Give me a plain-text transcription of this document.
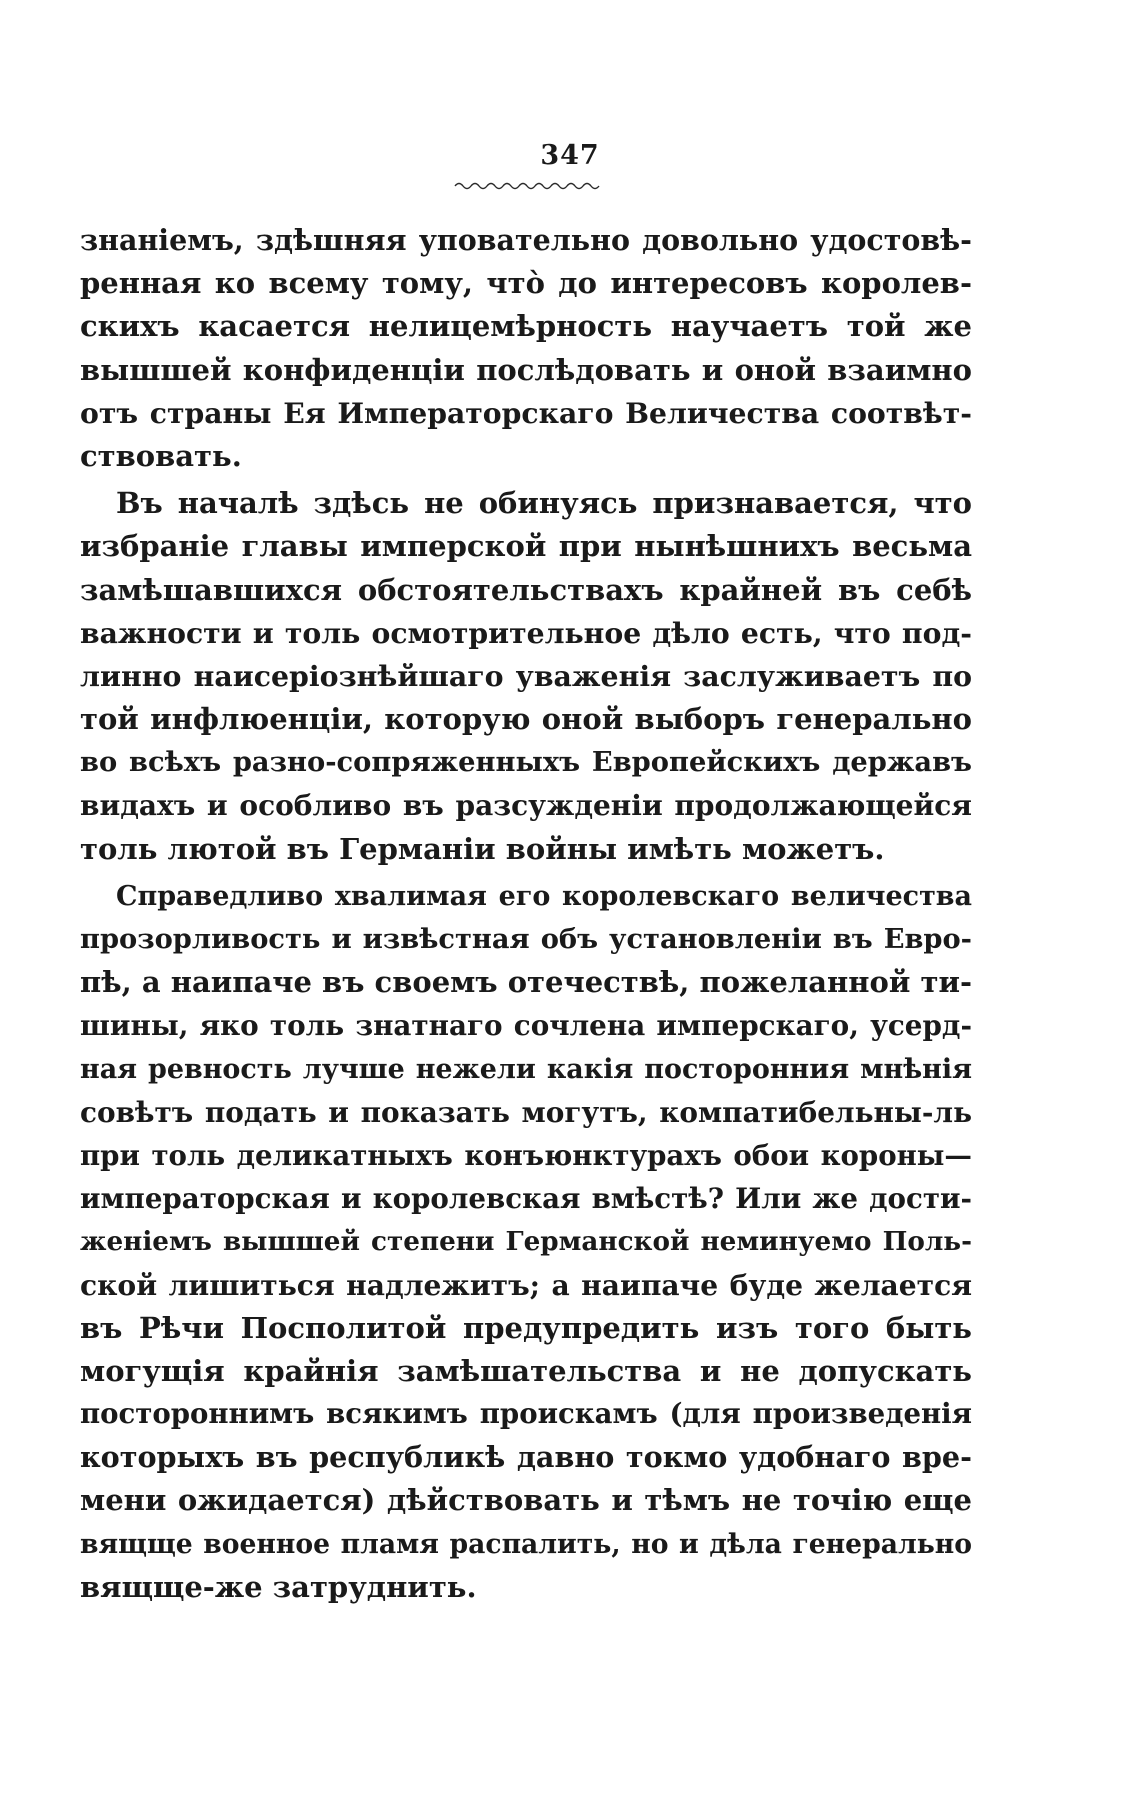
347
знаніемъ, здѣшняя уповательно довольно удостовѣ-
ренная ко всему тому, что̀ до интересовъ королев-
скихъ касается нелицемѣрность научаетъ той же
вышшей конфиденціи послѣдовать и оной взаимно
отъ страны Ея Императорскаго Величества соотвѣт-
ствовать.
Въ началѣ здѣсь не обинуясь признавается, что
избраніе главы имперской при нынѣшнихъ весьма
замѣшавшихся обстоятельствахъ крайней въ себѣ
важности и толь осмотрительное дѣло есть, что под-
линно наисеріознѣйшаго уваженія заслуживаетъ по
той инфлюенціи, которую оной выборъ генерально
во всѣхъ разно-сопряженныхъ Европейскихъ державъ
видахъ и особливо въ разсужденіи продолжающейся
толь лютой въ Германіи войны имѣть можетъ.
Справедливо хвалимая его королевскаго величества
прозорливость и извѣстная объ установленіи въ Евро-
пѣ, а наипаче въ своемъ отечествѣ, пожеланной ти-
шины, яко толь знатнаго сочлена имперскаго, усерд-
ная ревность лучше нежели какія посторонния мнѣнія
совѣтъ подать и показать могутъ, компатибельны-ль
при толь деликатныхъ конъюнктурахъ обои короны—
императорская и королевская вмѣстѣ? Или же дости-
женіемъ вышшей степени Германской неминуемо Поль-
ской лишиться надлежитъ; а наипаче буде желается
въ Рѣчи Посполитой предупредить изъ того быть
могущія крайнія замѣшательства и не допускать
постороннимъ всякимъ проискамъ (для произведенія
которыхъ въ республикѣ давно токмо удобнаго вре-
мени ожидается) дѣйствовать и тѣмъ не точію еще
вящще военное пламя распалить, но и дѣла генерально
вящще-же затруднить.
